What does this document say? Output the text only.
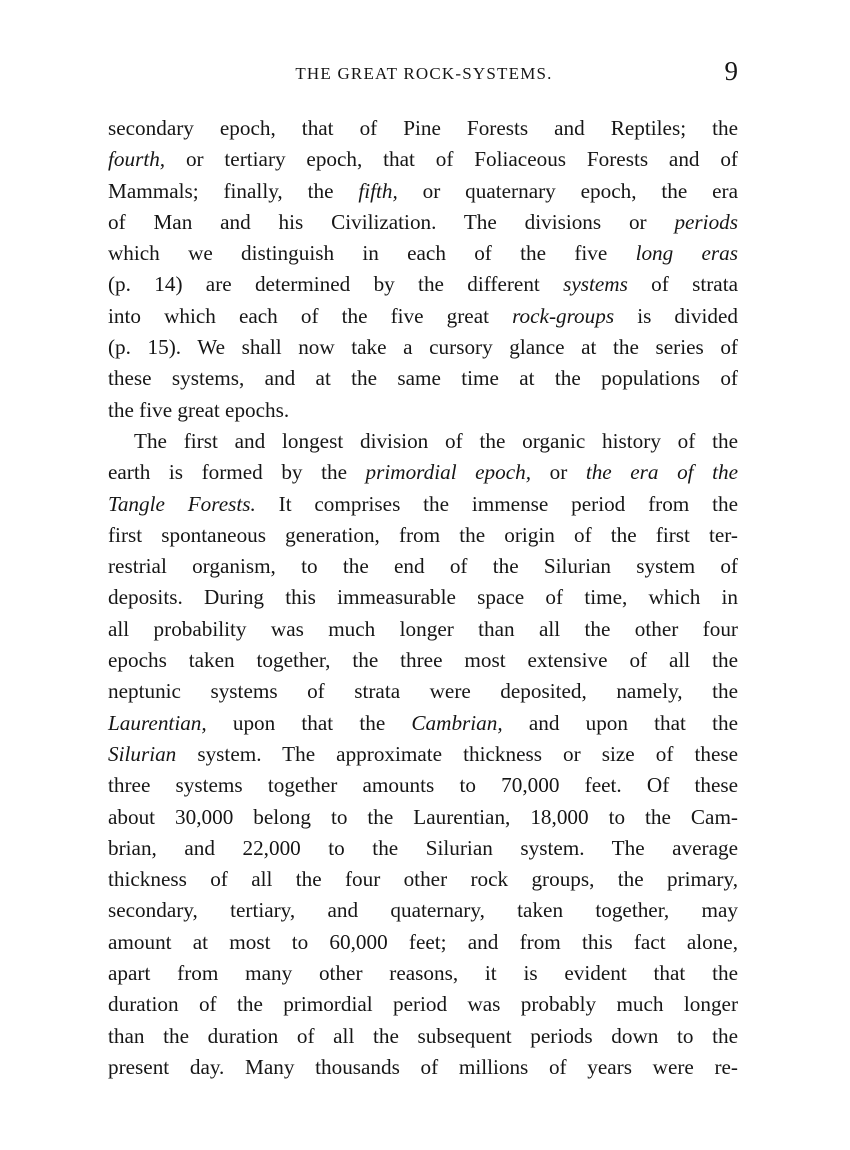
THE GREAT ROCK-SYSTEMS.	9
secondary epoch, that of Pine Forests and Reptiles; the
fourth, or tertiary epoch, that of Foliaceous Forests and of
Mammals; finally, the fifth, or quaternary epoch, the era
of Man and his Civilization. The divisions or periods
which we distinguish in each of the five long eras
(p. 14) are determined by the different systems of strata
into which each of the five great rock-groups is divided
(p. 15). We shall now take a cursory glance at the series of
these systems, and at the same time at the populations of
the five great epochs.
The first and longest division of the organic history of the
earth is formed by the primordial epoch, or the era of the
Tangle Forests. It comprises the immense period from the
first spontaneous generation, from the origin of the first ter-
restrial organism, to the end of the Silurian system of
deposits. During this immeasurable space of time, which in
all probability was much longer than all the other four
epochs taken together, the three most extensive of all the
neptunic systems of strata were deposited, namely, the
Laurentian, upon that the Cambrian, and upon that the
Silurian system. The approximate thickness or size of these
three systems together amounts to 70,000 feet. Of these
about 30,000 belong to the Laurentian, 18,000 to the Cam-
brian, and 22,000 to the Silurian system. The average
thickness of all the four other rock groups, the primary,
secondary, tertiary, and quaternary, taken together, may
amount at most to 60,000 feet; and from this fact alone,
apart from many other reasons, it is evident that the
duration of the primordial period was probably much longer
than the duration of all the subsequent periods down to the
present day. Many thousands of millions of years were re-
